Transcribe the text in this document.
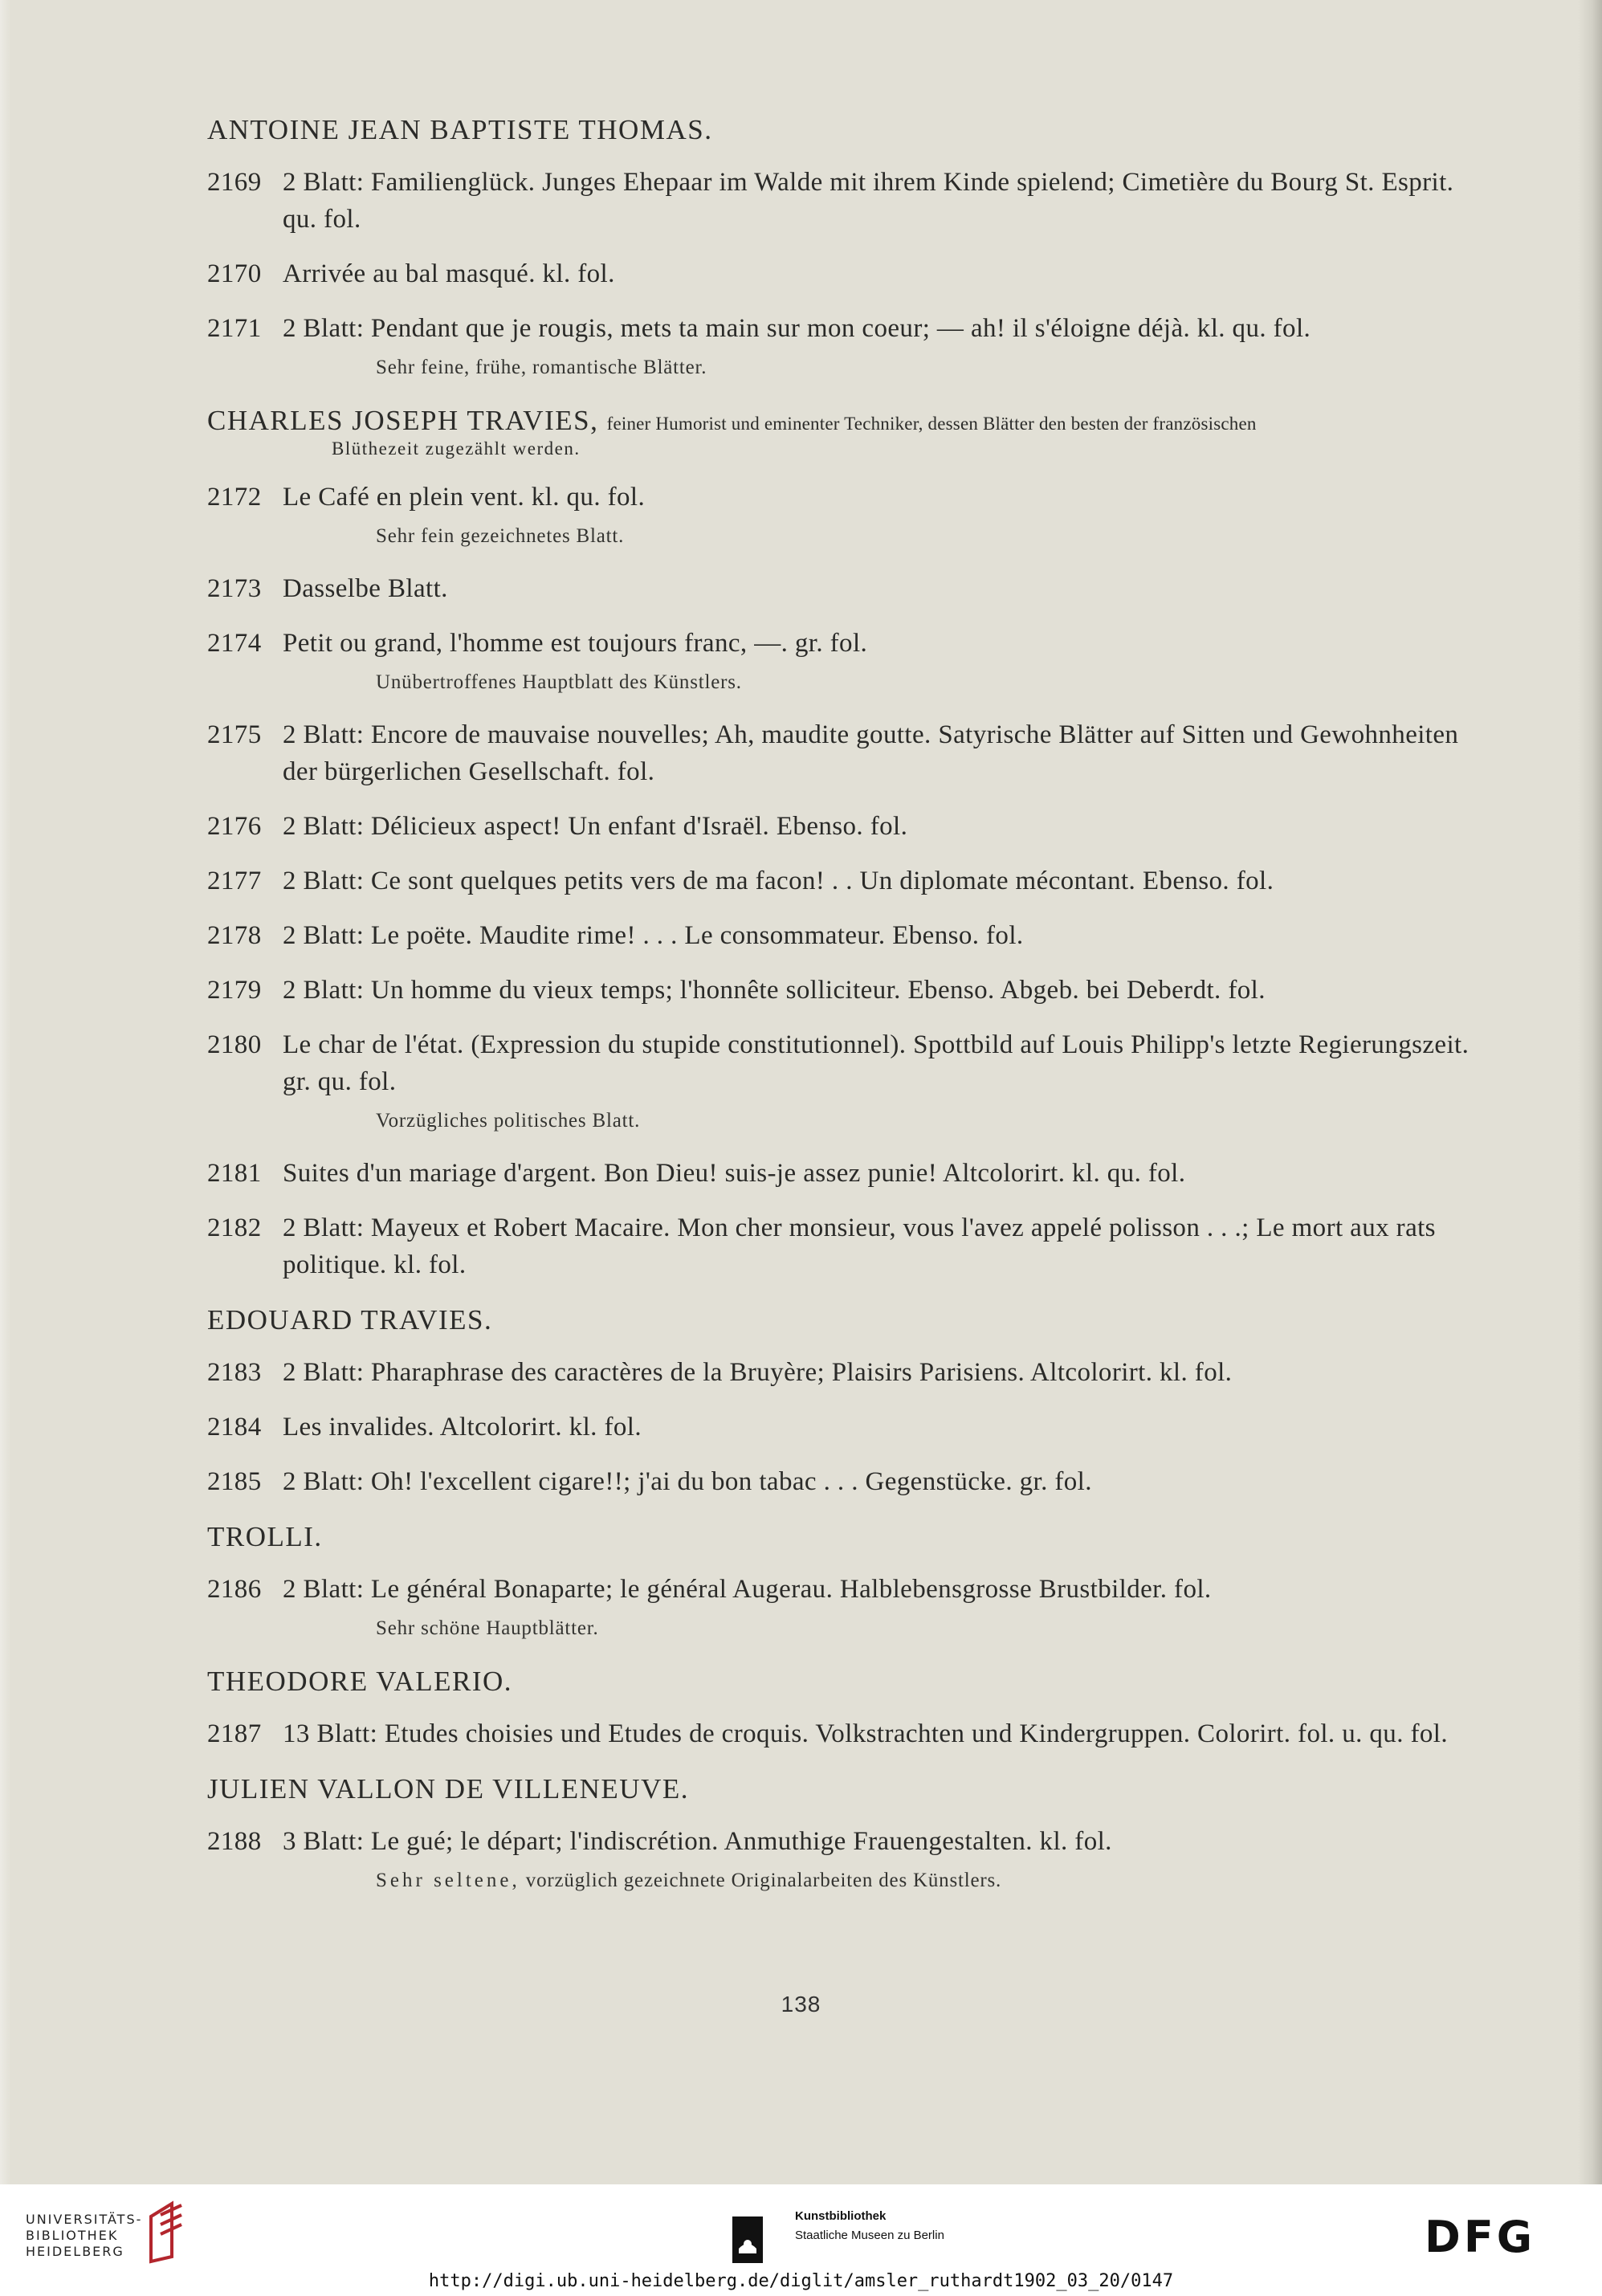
ANTOINE JEAN BAPTISTE THOMAS.
2169 2 Blatt: Familienglück. Junges Ehepaar im Walde mit ihrem Kinde spielend; Cimetière du Bourg St. Esprit. qu. fol.
2170 Arrivée au bal masqué. kl. fol.
2171 2 Blatt: Pendant que je rougis, mets ta main sur mon coeur; — ah! il s'éloigne déjà. kl. qu. fol.
Sehr feine, frühe, romantische Blätter.
CHARLES JOSEPH TRAVIES, feiner Humorist und eminenter Techniker, dessen Blätter den besten der französischen
Blüthezeit zugezählt werden.
2172 Le Café en plein vent. kl. qu. fol.
Sehr fein gezeichnetes Blatt.
2173 Dasselbe Blatt.
2174 Petit ou grand, l'homme est toujours franc, —. gr. fol.
Unübertroffenes Hauptblatt des Künstlers.
2175 2 Blatt: Encore de mauvaise nouvelles; Ah, maudite goutte. Satyrische Blätter auf Sitten und Gewohnheiten der bürgerlichen Gesellschaft. fol.
2176 2 Blatt: Délicieux aspect! Un enfant d'Israël. Ebenso. fol.
2177 2 Blatt: Ce sont quelques petits vers de ma facon! . . Un diplomate mécontant. Ebenso. fol.
2178 2 Blatt: Le poëte. Maudite rime! . . . Le consommateur. Ebenso. fol.
2179 2 Blatt: Un homme du vieux temps; l'honnête solliciteur. Ebenso. Abgeb. bei Deberdt. fol.
2180 Le char de l'état. (Expression du stupide constitutionnel). Spottbild auf Louis Philipp's letzte Regierungszeit. gr. qu. fol.
Vorzügliches politisches Blatt.
2181 Suites d'un mariage d'argent. Bon Dieu! suis-je assez punie! Altcolorirt. kl. qu. fol.
2182 2 Blatt: Mayeux et Robert Macaire. Mon cher monsieur, vous l'avez appelé polisson . . .; Le mort aux rats politique. kl. fol.
EDOUARD TRAVIES.
2183 2 Blatt: Pharaphrase des caractères de la Bruyère; Plaisirs Parisiens. Altcolorirt. kl. fol.
2184 Les invalides. Altcolorirt. kl. fol.
2185 2 Blatt: Oh! l'excellent cigare!!; j'ai du bon tabac . . . Gegenstücke. gr. fol.
TROLLI.
2186 2 Blatt: Le général Bonaparte; le général Augerau. Halblebensgrosse Brustbilder. fol.
Sehr schöne Hauptblätter.
THEODORE VALERIO.
2187 13 Blatt: Etudes choisies und Etudes de croquis. Volkstrachten und Kindergruppen. Colorirt. fol. u. qu. fol.
JULIEN VALLON DE VILLENEUVE.
2188 3 Blatt: Le gué; le départ; l'indiscrétion. Anmuthige Frauengestalten. kl. fol.
Sehr seltene, vorzüglich gezeichnete Originalarbeiten des Künstlers.
138
UNIVERSITÄTS-
BIBLIOTHEK
HEIDELBERG
Kunstbibliothek
Staatliche Museen zu Berlin	DFG
http://digi.ub.uni-heidelberg.de/diglit/amsler_ruthardt1902_03_20/0147
